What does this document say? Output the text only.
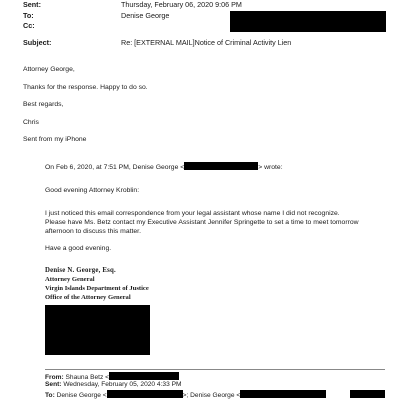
Sent:	Thursday, February 06, 2020 9:06 PM
To:	Denise George
Cc:
Subject:	Re: [EXTERNAL MAIL]Notice of Criminal Activity Lien
Attorney George,
Thanks for the response. Happy to do so.
Best regards,
Chris
Sent from my iPhone
On Feb 6, 2020, at 7:51 PM, Denise George <	> wrote:
Good evening Attorney Kroblin:
I just noticed this email correspondence from your legal assistant whose name I did not recognize.
Please have Ms. Betz contact my Executive Assistant Jennifer Springette to set a time to meet tomorrow
afternoon to discuss this matter.
Have a good evening.
Denise N. George, Esq.
Attorney General
Virgin Islands Department of Justice
Office of the Attorney General
From: Shauna Betz <
Sent: Wednesday, February 05, 2020 4:33 PM
To: Denise George <	>; Denise George <
